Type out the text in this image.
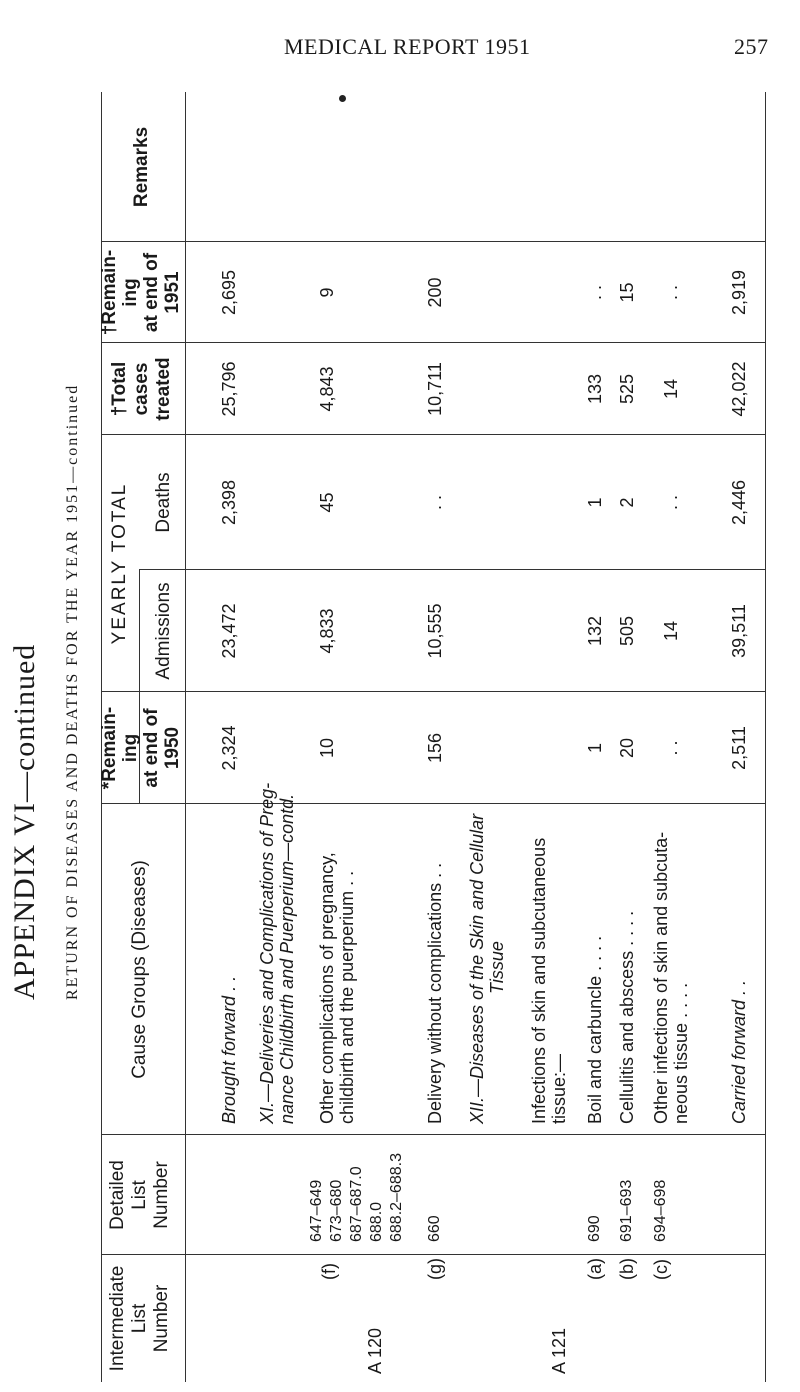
MEDICAL REPORT 1951	257
APPENDIX VI—continued RETURN OF DISEASES AND DEATHS FOR THE YEAR 1951—continued
Intermediate List Number
Detailed List Number
Cause Groups (Diseases)
*Remain- ing at end of 1950
YEARLY TOTAL Admissions
Deaths
†Total cases treated
†Remain- ing at end of 1951
Remarks
Brought forward . .
2,324
23,472
2,398
25,796
2,695
XI.—Deliveries and Complications of Preg- nance Childbirth and Puerperium—contd.
A 120
(f)
647–649 673–680 687–687.0 688.0 688.2–688.3
Other complications of pregnancy, childbirth and the puerperium . .
10
4,833
45
4,843
9
(g)
660
Delivery without complications . .
156
10,555
. .
10,711
200
XII.—Diseases of the Skin and Cellular Tissue
A 121
Infections of skin and subcutaneous tissue:—
(a)
690
Boil and carbuncle . . . .
1
132
1
133
. .
(b)
691–693
Cellulitis and abscess . . . .
20
505
2
525
15
(c)
694–698
Other infections of skin and subcuta- neous tissue . . . .
. .
14
. .
14
. .
Carried forward . .
2,511
39,511
2,446
42,022
2,919
